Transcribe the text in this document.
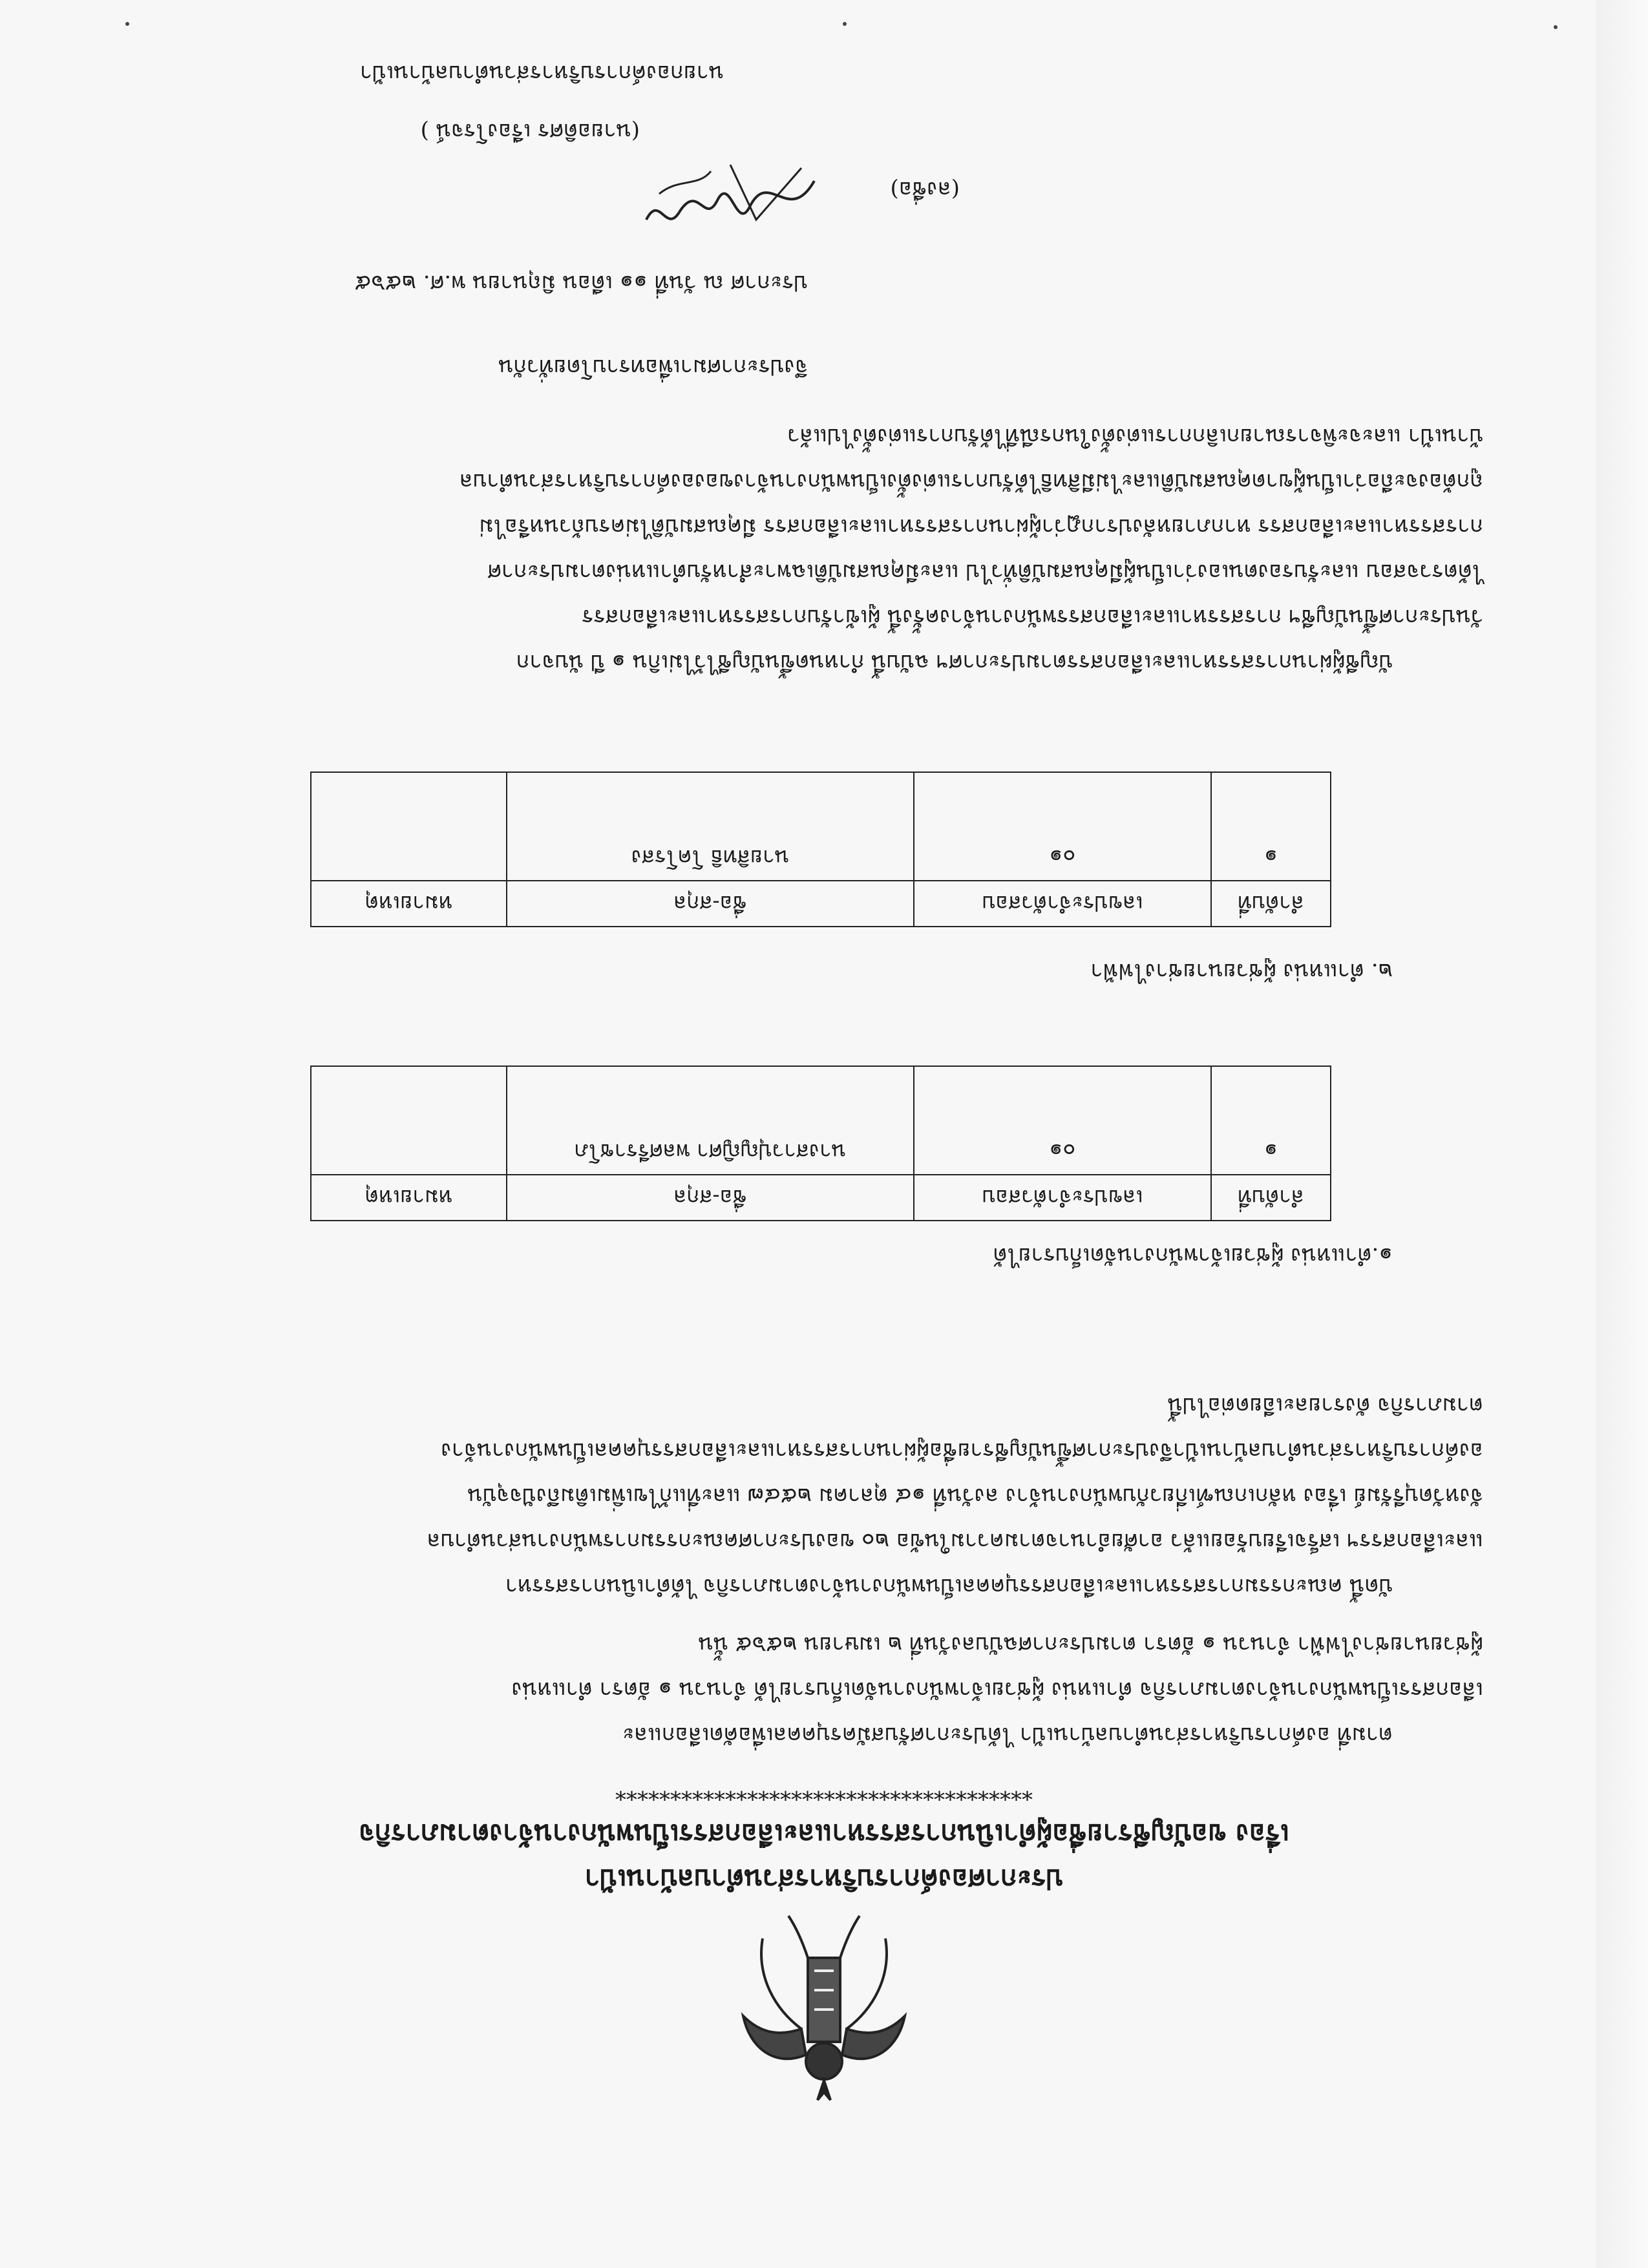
ประกาศองค์การบริหารส่วนตำบลบ้านเป้า
เรื่อง ขอบัญชีรายชื่อผู้ดำเนินการสรรหาและเลือกสรรเป็นพนักงานจ้างตามภารกิจ
**************************************

ตามที่ องค์การบริหารส่วนตำบลบ้านเป้า ได้ประกาศรับสมัครบุคคลเพื่อคัดเลือกและ

เลือกสรรเป็นพนักงานจ้างตามภารกิจ ตำแหน่ง ผู้ช่วยเจ้าพนักงานจัดเก็บรายได้ จำนวน ๑ อัตรา ตำแหน่ง

ผู้ช่วยนายช่างไฟฟ้า จำนวน ๑ อัตรา ตามประกาศฉบับลงวันที่ ๒ เมษายน ๒๕๖๕ นั้น

บัดนี้ คณะกรรมการสรรหาและเลือกสรรบุคคลเป็นพนักงานจ้างตามภารกิจ ได้ดำเนินการสรรหา

และเลือกสรรฯ เสร็จเรียบร้อยแล้ว อาศัยอำนาจตามความในข้อ ๒๐ ของประกาศคณะกรรมการพนักงานส่วนตำบล

จังหวัดบุรีรัมย์ เรื่อง หลักเกณฑ์เกี่ยวกับพนักงานจ้าง ลงวันที่ ๑๔ ตุลาคม ๒๕๔๗ และที่แก้ไขเพิ่มเติมถึงปัจจุบัน

องค์การบริหารส่วนตำบลบ้านเป้าจึงประกาศขึ้นบัญชีรายชื่อผู้ผ่านการสรรหาและเลือกสรรบุคคลเป็นพนักงานจ้าง

ตามภารกิจ ดังรายละเอียดต่อไปนี้

๑.ตำแหน่ง ผู้ช่วยเจ้าพนักงานจัดเก็บรายได้
ลำดับที่	เลขประจำตัวสอบ	ชื่อ-สกุล	หมายเหตุ
๑	๐๑	นางสาวปุญญิศา พลศรีราชโภ	
๒. ตำแหน่ง ผู้ช่วยนายช่างไฟฟ้า
ลำดับที่	เลขประจำตัวสอบ	ชื่อ-สกุล	หมายเหตุ
๑	๐๑	นายสิทธิ โคโรสง	

บัญชีผู้ผ่านการสรรหาและเลือกสรรตามประกาศฯ ฉบับนี้ กำหนดขึ้นบัญชีไว้ไม่เกิน ๑ ปี นับจาก

วันประกาศขึ้นบัญชีฯ การสรรหาและเลือกสรรพนักงานจ้างครั้งนี้ ผู้เข้ารับการสรรหาและเลือกสรร

ได้ตรวจสอบ และรับรองตนเองว่าเป็นผู้มีคุณสมบัติทั่วไป และมีคุณสมบัติเฉพาะสำหรับตำแหน่งตามประกาศ

การสรรหาและเลือกสรร หากภายหลังปรากฏว่าผู้ผ่านการสรรหาและเลือกสรร มีคุณสมบัติไม่ครบถ้วนหรือไม่

ถูกต้องจะถือว่าเป็นผู้ขาดคุณสมบัติและไม่มีสิทธิได้รับการแต่งตั้งเป็นพนักงานจ้างขององค์การบริหารส่วนตำบล

บ้านเป้า และจะพิจารณายกเลิกการแต่งตั้งในกรณีที่ได้รับการแต่งตั้งไปแล้ว

จึงประกาศมาเพื่อทราบโดยทั่วกัน
ประกาศ ณ วันที่ ๑๑ เดือน มิถุนายน พ.ศ. ๒๕๖๕
(ลงชื่อ)
(นายอดิศร เรืองโรจน์ )
นายกองค์การบริหารส่วนตำบลบ้านเป้า
